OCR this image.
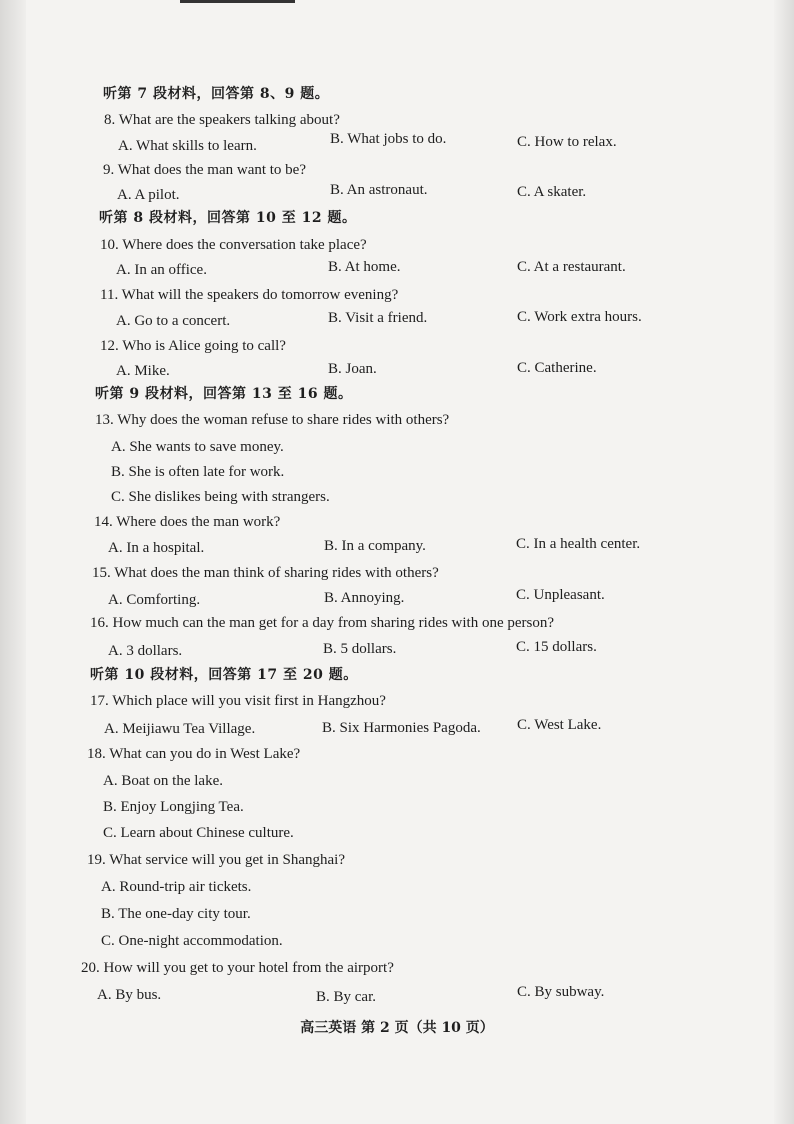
听第 7 段材料，回答第 8、9 题。
8. What are the speakers talking about?
A. What skills to learn.	B. What jobs to do.	C. How to relax.
9. What does the man want to be?
A. A pilot.	B. An astronaut.	C. A skater.
听第 8 段材料，回答第 10 至 12 题。
10. Where does the conversation take place?
A. In an office.	B. At home.	C. At a restaurant.
11. What will the speakers do tomorrow evening?
A. Go to a concert.	B. Visit a friend.	C. Work extra hours.
12. Who is Alice going to call?
A. Mike.	B. Joan.	C. Catherine.
听第 9 段材料，回答第 13 至 16 题。
13. Why does the woman refuse to share rides with others?
A. She wants to save money.
B. She is often late for work.
C. She dislikes being with strangers.
14. Where does the man work?
A. In a hospital.	B. In a company.	C. In a health center.
15. What does the man think of sharing rides with others?
A. Comforting.	B. Annoying.	C. Unpleasant.
16. How much can the man get for a day from sharing rides with one person?
A. 3 dollars.	B. 5 dollars.	C. 15 dollars.
听第 10 段材料，回答第 17 至 20 题。
17. Which place will you visit first in Hangzhou?
A. Meijiawu Tea Village.	B. Six Harmonies Pagoda. C. West Lake.
18. What can you do in West Lake?
A. Boat on the lake.
B. Enjoy Longjing Tea.
C. Learn about Chinese culture.
19. What service will you get in Shanghai?
A. Round-trip air tickets.
B. The one-day city tour.
C. One-night accommodation.
20. How will you get to your hotel from the airport?
A. By bus.	B. By car.	C. By subway.
高三英语 第 2 页（共 10 页）
